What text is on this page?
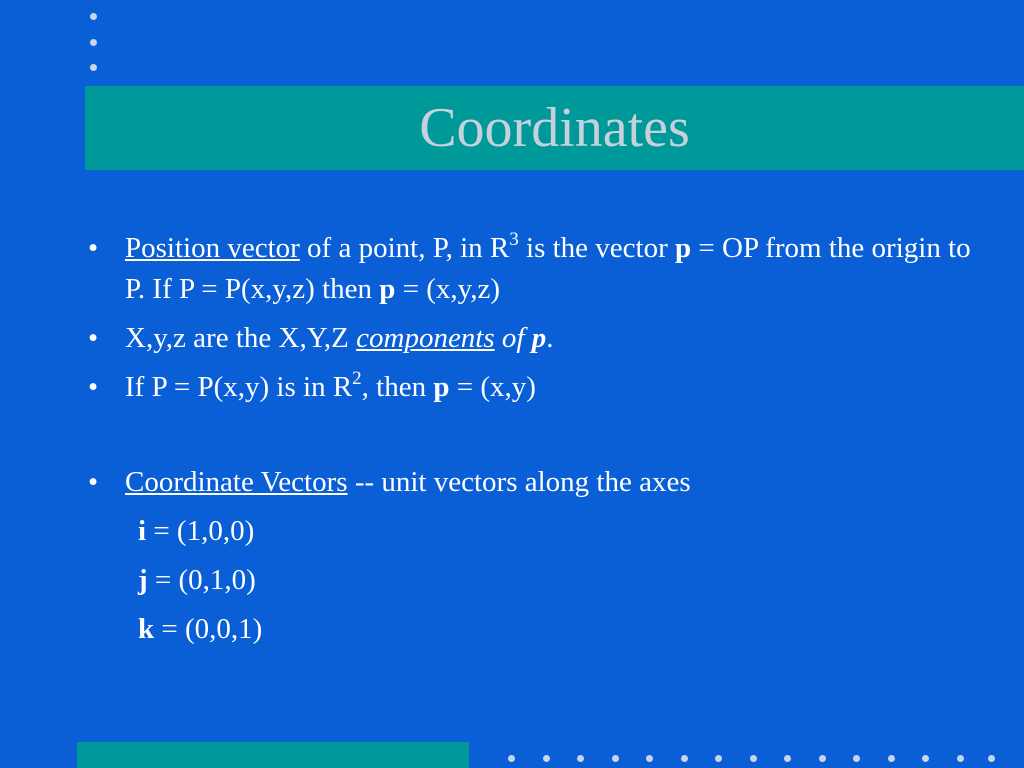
Coordinates
• Position vector of a point, P, in $R^3$ is the vector p = OP from the origin to P. If P = P(x,y,z) then p = (x,y,z)
• X,y,z are the X,Y,Z components of p.
• If P = P(x,y) is in $R^2$, then p = (x,y)
• Coordinate Vectors -- unit vectors along the axes
i = (1,0,0)
j = (0,1,0)
k = (0,0,1)
